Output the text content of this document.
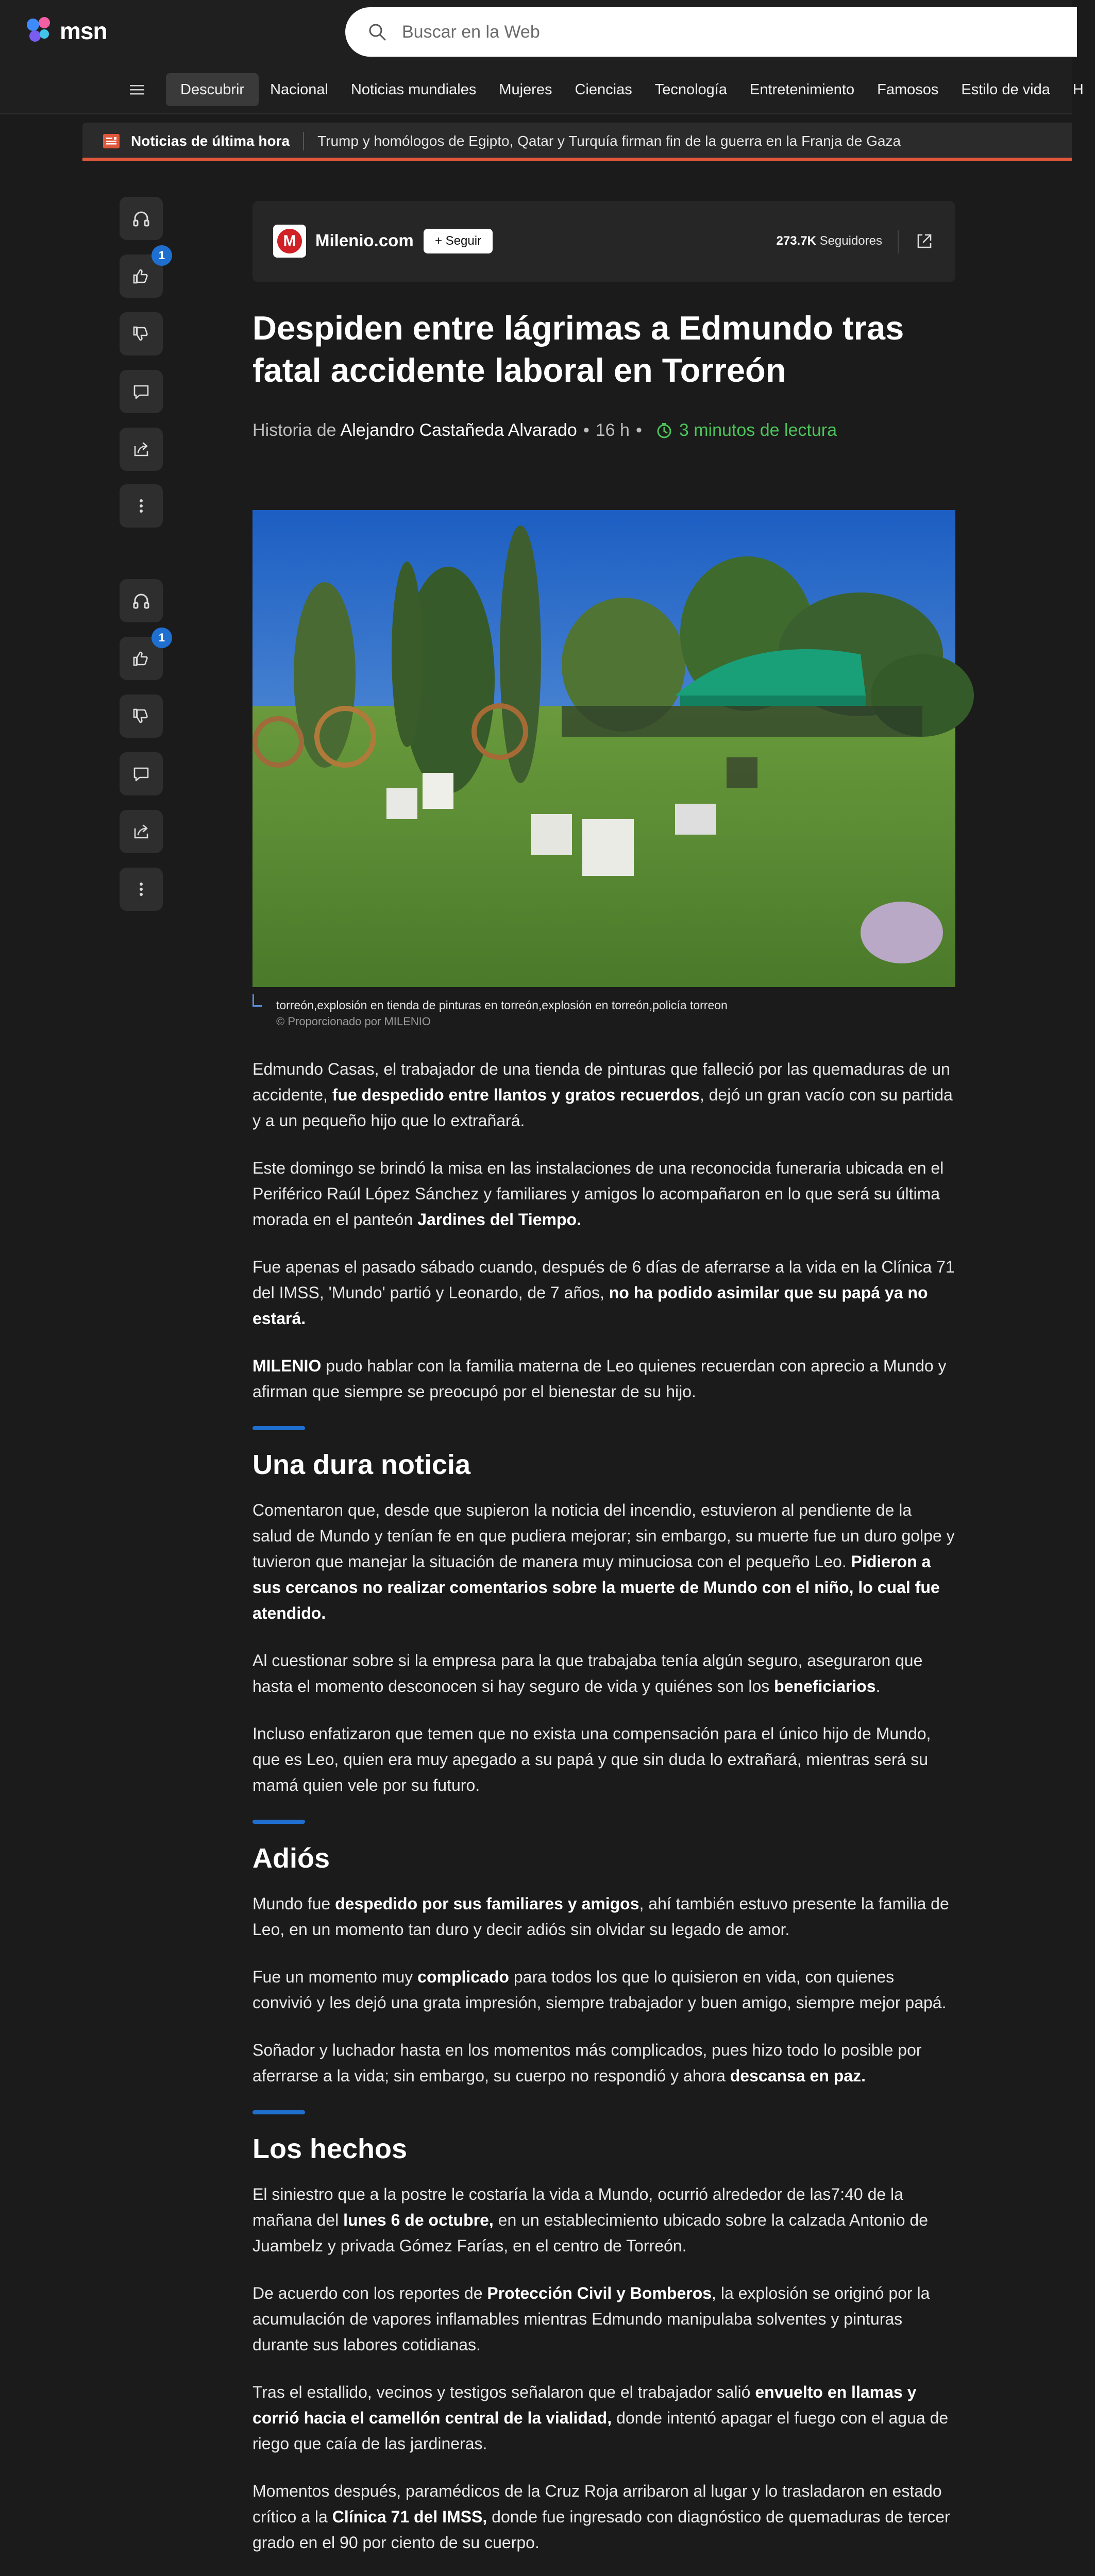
msn
Buscar en la Web
Descubrir	Nacional	Noticias mundiales	Mujeres	Ciencias	Tecnología	Entretenimiento	Famosos	Estilo de vida	H
Noticias de última hora Trump y homólogos de Egipto, Qatar y Turquía firman fin de la guerra en la Franja de Gaza
1
1
M	Milenio.com	+ Seguir	273.7K Seguidores
Despiden entre lágrimas a Edmundo tras fatal accidente laboral en Torreón
Historia de Alejandro Castañeda Alvarado • 16 h • 3 minutos de lectura
torreón,explosión en tienda de pinturas en torreón,explosión en torreón,policía torreon
© Proporcionado por MILENIO

Edmundo Casas, el trabajador de una tienda de pinturas que falleció por las quemaduras de un accidente, fue despedido entre llantos y gratos recuerdos, dejó un gran vacío con su partida y a un pequeño hijo que lo extrañará.

Este domingo se brindó la misa en las instalaciones de una reconocida funeraria ubicada en el Periférico Raúl López Sánchez y familiares y amigos lo acompañaron en lo que será su última morada en el panteón Jardines del Tiempo.

Fue apenas el pasado sábado cuando, después de 6 días de aferrarse a la vida en la Clínica 71 del IMSS, 'Mundo' partió y Leonardo, de 7 años, no ha podido asimilar que su papá ya no estará.

MILENIO pudo hablar con la familia materna de Leo quienes recuerdan con aprecio a Mundo y afirman que siempre se preocupó por el bienestar de su hijo.

Una dura noticia

Comentaron que, desde que supieron la noticia del incendio, estuvieron al pendiente de la salud de Mundo y tenían fe en que pudiera mejorar; sin embargo, su muerte fue un duro golpe y tuvieron que manejar la situación de manera muy minuciosa con el pequeño Leo. Pidieron a sus cercanos no realizar comentarios sobre la muerte de Mundo con el niño, lo cual fue atendido.

Al cuestionar sobre si la empresa para la que trabajaba tenía algún seguro, aseguraron que hasta el momento desconocen si hay seguro de vida y quiénes son los beneficiarios.

Incluso enfatizaron que temen que no exista una compensación para el único hijo de Mundo, que es Leo, quien era muy apegado a su papá y que sin duda lo extrañará, mientras será su mamá quien vele por su futuro.

Adiós

Mundo fue despedido por sus familiares y amigos, ahí también estuvo presente la familia de Leo, en un momento tan duro y decir adiós sin olvidar su legado de amor.

Fue un momento muy complicado para todos los que lo quisieron en vida, con quienes convivió y les dejó una grata impresión, siempre trabajador y buen amigo, siempre mejor papá.

Soñador y luchador hasta en los momentos más complicados, pues hizo todo lo posible por aferrarse a la vida; sin embargo, su cuerpo no respondió y ahora descansa en paz.

Los hechos

El siniestro que a la postre le costaría la vida a Mundo, ocurrió alrededor de las7:40 de la mañana del lunes 6 de octubre, en un establecimiento ubicado sobre la calzada Antonio de Juambelz y privada Gómez Farías, en el centro de Torreón.

De acuerdo con los reportes de Protección Civil y Bomberos, la explosión se originó por la acumulación de vapores inflamables mientras Edmundo manipulaba solventes y pinturas durante sus labores cotidianas.

Tras el estallido, vecinos y testigos señalaron que el trabajador salió envuelto en llamas y corrió hacia el camellón central de la vialidad, donde intentó apagar el fuego con el agua de riego que caía de las jardineras.

Momentos después, paramédicos de la Cruz Roja arribaron al lugar y lo trasladaron en estado crítico a la Clínica 71 del IMSS, donde fue ingresado con diagnóstico de quemaduras de tercer grado en el 90 por ciento de su cuerpo.
